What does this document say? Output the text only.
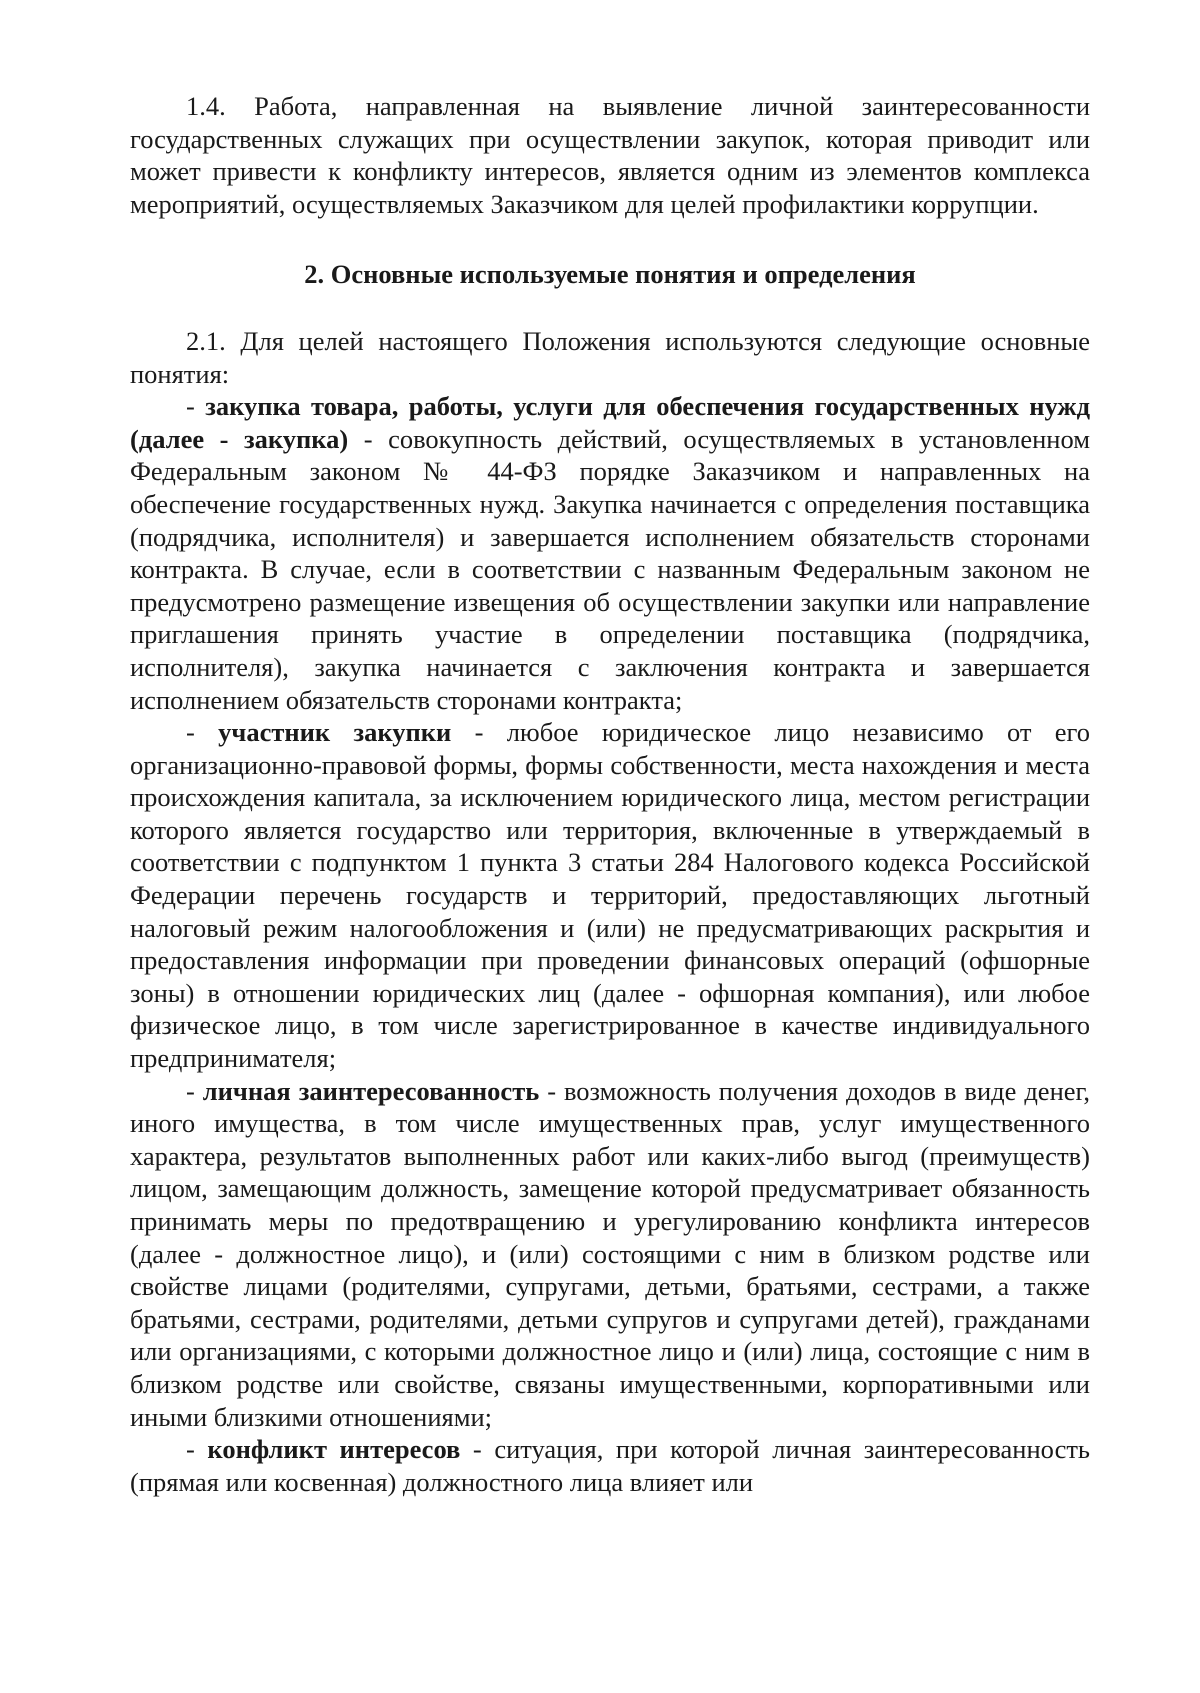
1.4. Работа, направленная на выявление личной заинтересованности государственных служащих при осуществлении закупок, которая приводит или может привести к конфликту интересов, является одним из элементов комплекса мероприятий, осуществляемых Заказчиком для целей профилактики коррупции.

2. Основные используемые понятия и определения

2.1. Для целей настоящего Положения используются следующие основные понятия:

- закупка товара, работы, услуги для обеспечения государственных нужд (далее - закупка) - совокупность действий, осуществляемых в установленном Федеральным законом № 44-ФЗ порядке Заказчиком и направленных на обеспечение государственных нужд. Закупка начинается с определения поставщика (подрядчика, исполнителя) и завершается исполнением обязательств сторонами контракта. В случае, если в соответствии с названным Федеральным законом не предусмотрено размещение извещения об осуществлении закупки или направление приглашения принять участие в определении поставщика (подрядчика, исполнителя), закупка начинается с заключения контракта и завершается исполнением обязательств сторонами контракта;

- участник закупки - любое юридическое лицо независимо от его организационно-правовой формы, формы собственности, места нахождения и места происхождения капитала, за исключением юридического лица, местом регистрации которого является государство или территория, включенные в утверждаемый в соответствии с подпунктом 1 пункта 3 статьи 284 Налогового кодекса Российской Федерации перечень государств и территорий, предоставляющих льготный налоговый режим налогообложения и (или) не предусматривающих раскрытия и предоставления информации при проведении финансовых операций (офшорные зоны) в отношении юридических лиц (далее - офшорная компания), или любое физическое лицо, в том числе зарегистрированное в качестве индивидуального предпринимателя;

- личная заинтересованность - возможность получения доходов в виде денег, иного имущества, в том числе имущественных прав, услуг имущественного характера, результатов выполненных работ или каких-либо выгод (преимуществ) лицом, замещающим должность, замещение которой предусматривает обязанность принимать меры по предотвращению и урегулированию конфликта интересов (далее - должностное лицо), и (или) состоящими с ним в близком родстве или свойстве лицами (родителями, супругами, детьми, братьями, сестрами, а также братьями, сестрами, родителями, детьми супругов и супругами детей), гражданами или организациями, с которыми должностное лицо и (или) лица, состоящие с ним в близком родстве или свойстве, связаны имущественными, корпоративными или иными близкими отношениями;

- конфликт интересов - ситуация, при которой личная заинтересованность (прямая или косвенная) должностного лица влияет или
